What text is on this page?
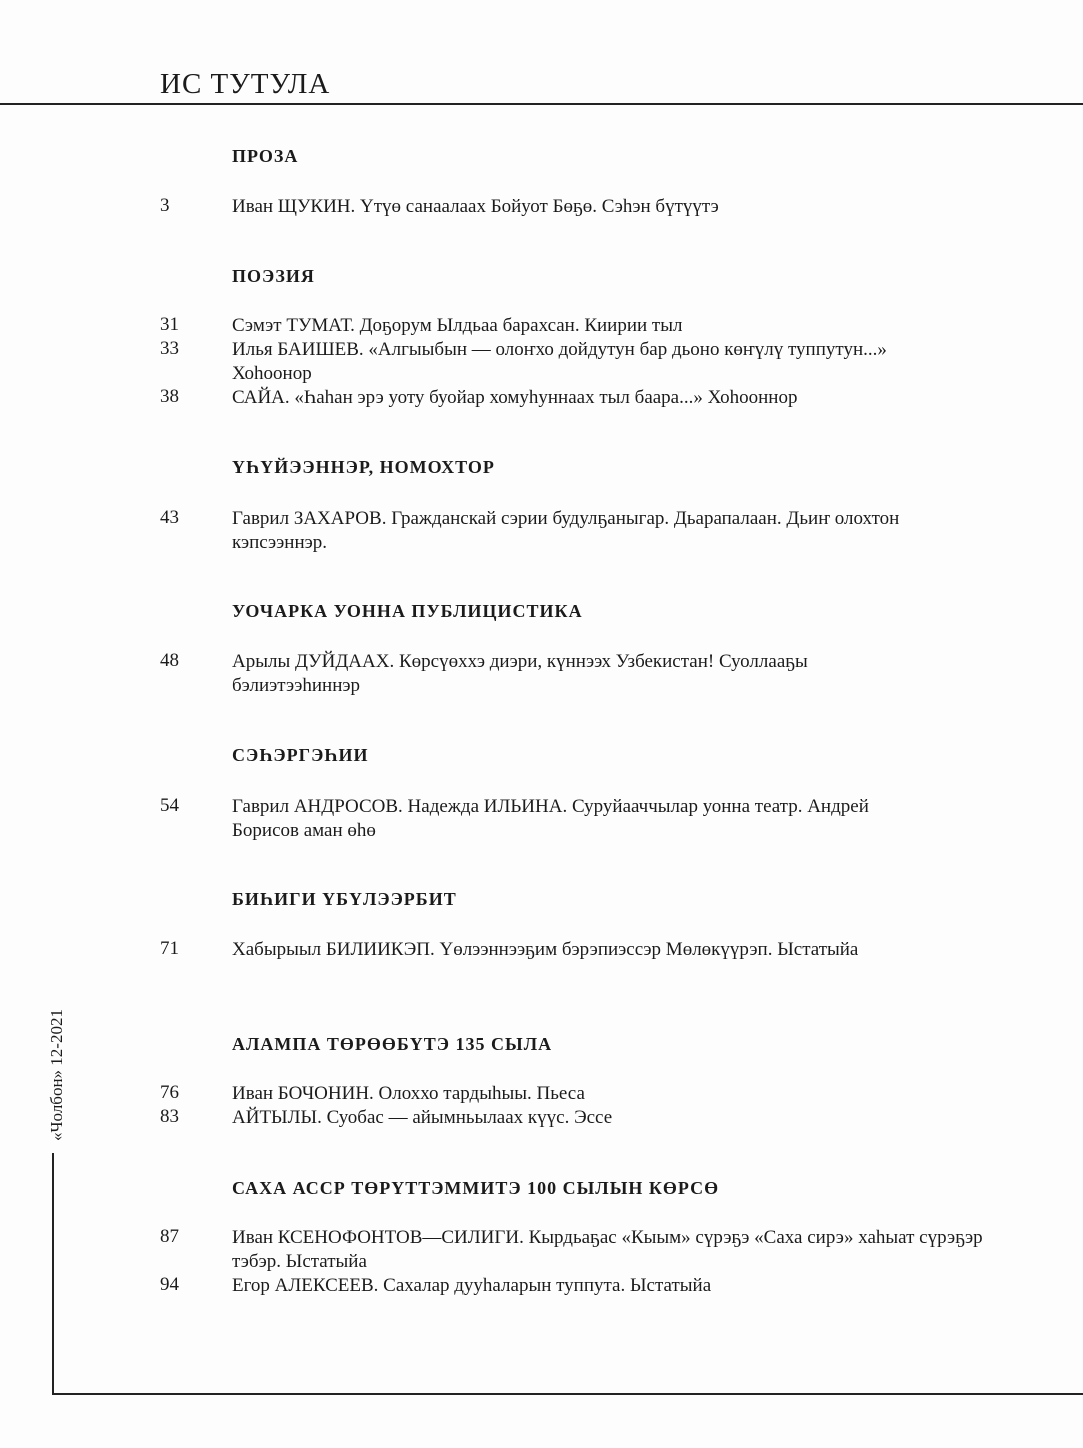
ИС ТУТУЛА
«Чолбон» 12-2021
ПРОЗА
3	Иван ЩУКИН. Үтүө санаалаах Бойуот Бөҕө. Сэһэн бүтүүтэ
ПОЭЗИЯ
31	Сэмэт ТУМАТ. Доҕорум Ылдьаа барахсан. Киирии тыл
33	Илья БАИШЕВ. «Алгыыбын — олоҥхо дойдутун бар дьоно көҥүлү туппутун...» Хоһоонор
38	САЙА. «Һаһан эрэ уоту буойар хомуһуннаах тыл баара...» Хоһооннор
ҮҺҮЙЭЭННЭР, НОМОХТОР
43	Гаврил ЗАХАРОВ. Гражданскай сэрии будулҕаныгар. Дьарапалаан. Дьиҥ олохтон кэпсээннэр.
УОЧАРКА УОННА ПУБЛИЦИСТИКА
48	Арылы ДУЙДААХ. Көрсүөххэ диэри, күннээх Узбекистан! Суоллааҕы бэлиэтээһиннэр
СЭҺЭРГЭҺИИ
54	Гаврил АНДРОСОВ. Надежда ИЛЬИНА. Суруйааччылар уонна театр. Андрей Борисов аман өһө
БИҺИГИ ҮБҮЛЭЭРБИТ
71	Хабырыыл БИЛИИКЭП. Үөлээннээҕим бэрэпиэссэр Мөлөкүүрэп. Ыстатыйа
АЛАМПА ТӨРӨӨБҮТЭ 135 СЫЛА
76	Иван БОЧОНИН. Олоххо тардыһыы. Пьеса
83	АЙТЫЛЫ. Суобас — айымньылаах күүс. Эссе
САХА АССР ТӨРҮТТЭММИТЭ 100 СЫЛЫН КӨРСӨ
87	Иван КСЕНОФОНТОВ—СИЛИГИ. Кырдьаҕас «Кыым» сүрэҕэ «Саха сирэ» хаһыат сүрэҕэр тэбэр. Ыстатыйа
94	Егор АЛЕКСЕЕВ. Сахалар дууһаларын туппута. Ыстатыйа
